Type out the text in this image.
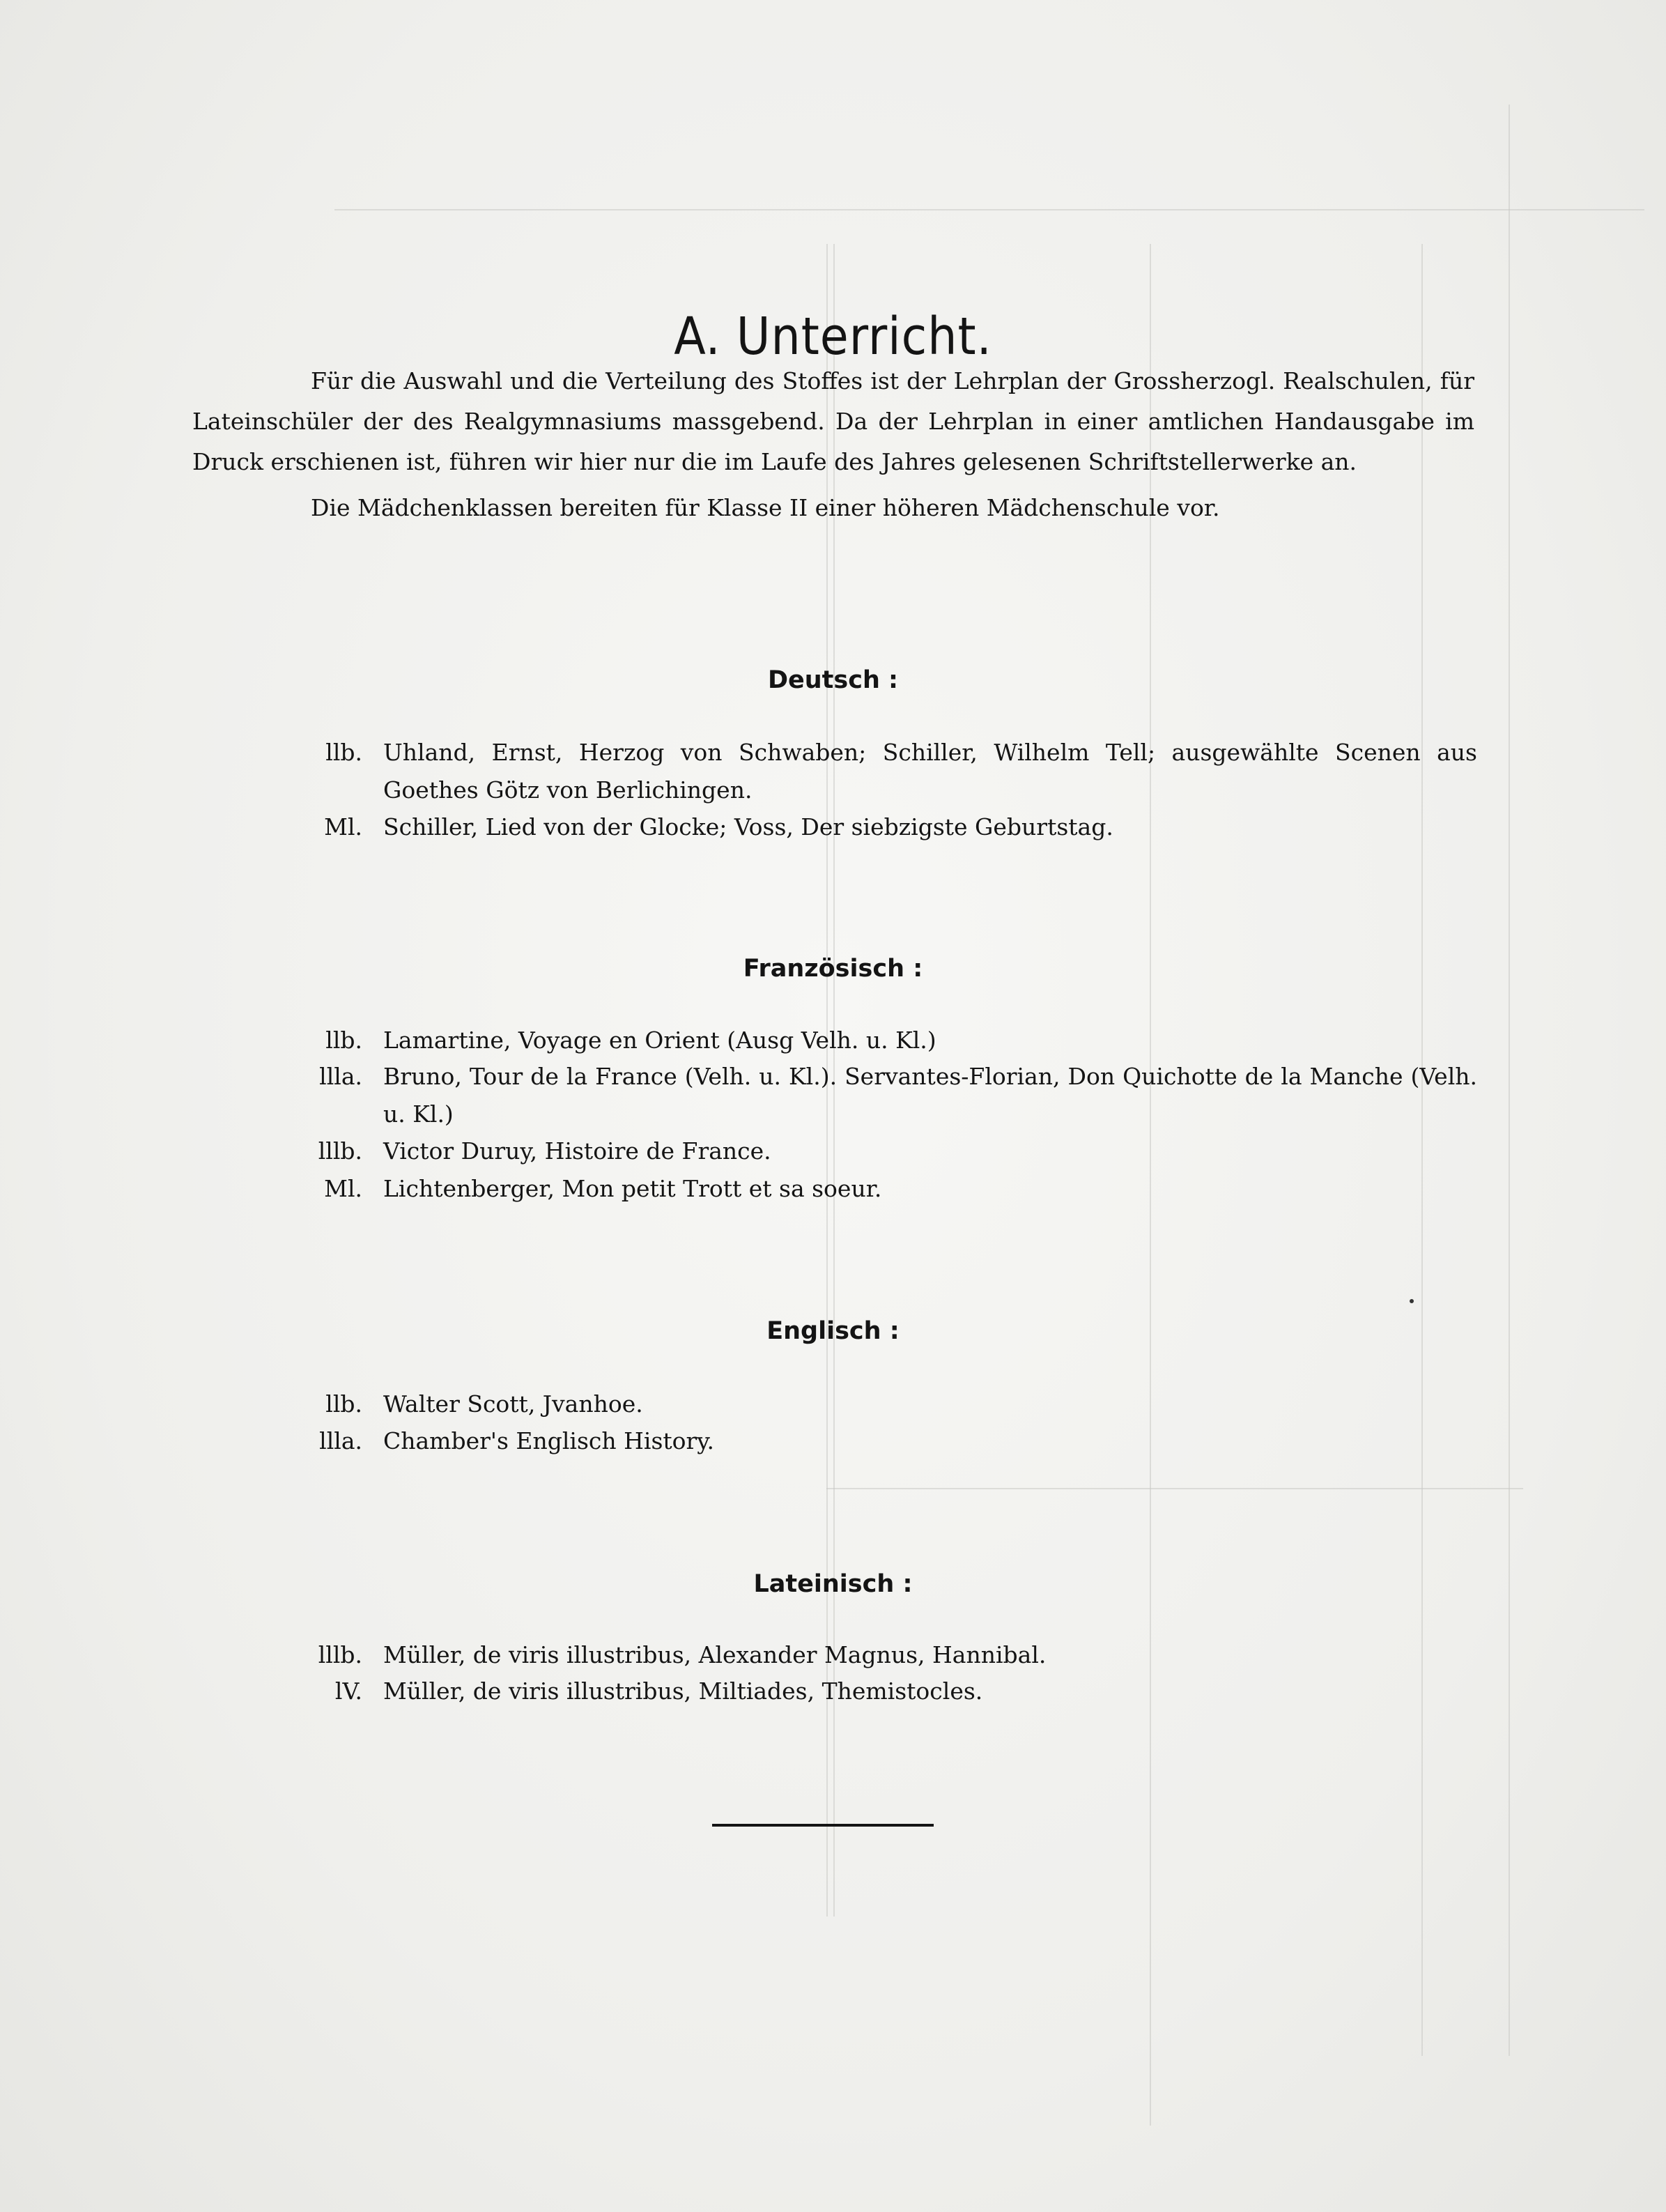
A. Unterricht.

Für die Auswahl und die Verteilung des Stoffes ist der Lehrplan der Grossherzogl. Realschulen, für Lateinschüler der des Realgymnasiums massgebend. Da der Lehrplan in einer amtlichen Handausgabe im Druck erschienen ist, führen wir hier nur die im Laufe des Jahres gelesenen Schriftstellerwerke an.

Die Mädchenklassen bereiten für Klasse II einer höheren Mädchenschule vor.

Deutsch :
llb. Uhland, Ernst, Herzog von Schwaben; Schiller, Wilhelm Tell; ausgewählte Scenen aus Goethes Götz von Berlichingen.
Ml. Schiller, Lied von der Glocke; Voss, Der siebzigste Geburtstag.
Französisch :
llb. Lamartine, Voyage en Orient (Ausg Velh. u. Kl.)
llla. Bruno, Tour de la France (Velh. u. Kl.). Servantes-Florian, Don Quichotte de la Manche (Velh. u. Kl.)
lllb. Victor Duruy, Histoire de France.
Ml. Lichtenberger, Mon petit Trott et sa soeur.
Englisch :
llb. Walter Scott, Jvanhoe.
llla. Chamber's Englisch History.
Lateinisch :
lllb. Müller, de viris illustribus, Alexander Magnus, Hannibal.
lV. Müller, de viris illustribus, Miltiades, Themistocles.
